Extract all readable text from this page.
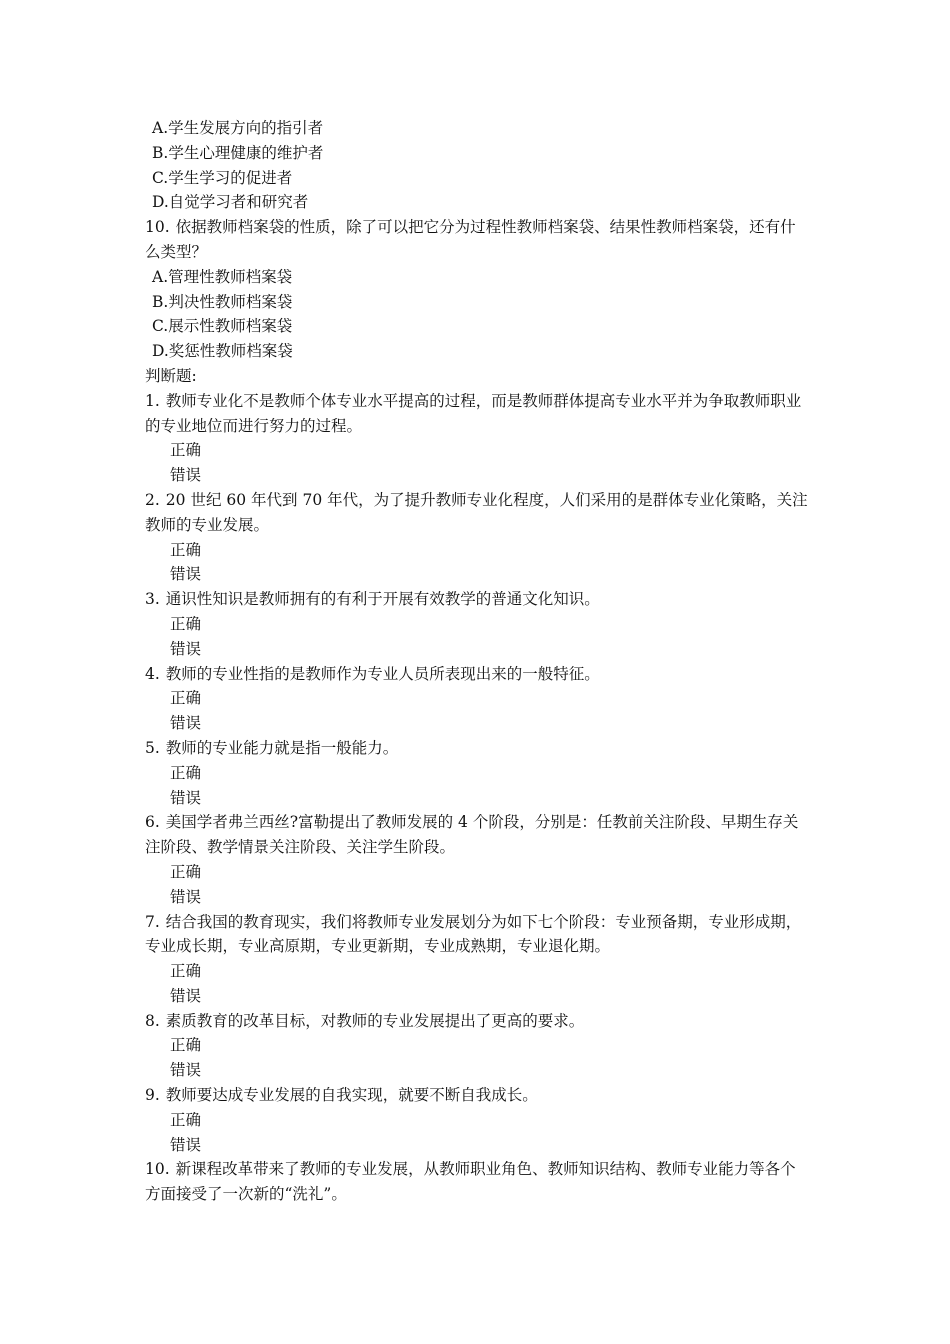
A.学生发展方向的指引者
B.学生心理健康的维护者
C.学生学习的促进者
D.自觉学习者和研究者
10. 依据教师档案袋的性质，除了可以把它分为过程性教师档案袋、结果性教师档案袋，还有什么类型？
A.管理性教师档案袋
B.判决性教师档案袋
C.展示性教师档案袋
D.奖惩性教师档案袋
判断题:
1. 教师专业化不是教师个体专业水平提高的过程，而是教师群体提高专业水平并为争取教师职业的专业地位而进行努力的过程。
正确
错误
2. 20 世纪 60 年代到 70 年代，为了提升教师专业化程度，人们采用的是群体专业化策略，关注教师的专业发展。
正确
错误
3. 通识性知识是教师拥有的有利于开展有效教学的普通文化知识。
正确
错误
4. 教师的专业性指的是教师作为专业人员所表现出来的一般特征。
正确
错误
5. 教师的专业能力就是指一般能力。
正确
错误
6. 美国学者弗兰西丝?富勒提出了教师发展的 4 个阶段，分别是：任教前关注阶段、早期生存关注阶段、教学情景关注阶段、关注学生阶段。
正确
错误
7. 结合我国的教育现实，我们将教师专业发展划分为如下七个阶段：专业预备期，专业形成期，专业成长期，专业高原期，专业更新期，专业成熟期，专业退化期。
正确
错误
8. 素质教育的改革目标，对教师的专业发展提出了更高的要求。
正确
错误
9. 教师要达成专业发展的自我实现，就要不断自我成长。
正确
错误
10. 新课程改革带来了教师的专业发展，从教师职业角色、教师知识结构、教师专业能力等各个方面接受了一次新的“洗礼”。
